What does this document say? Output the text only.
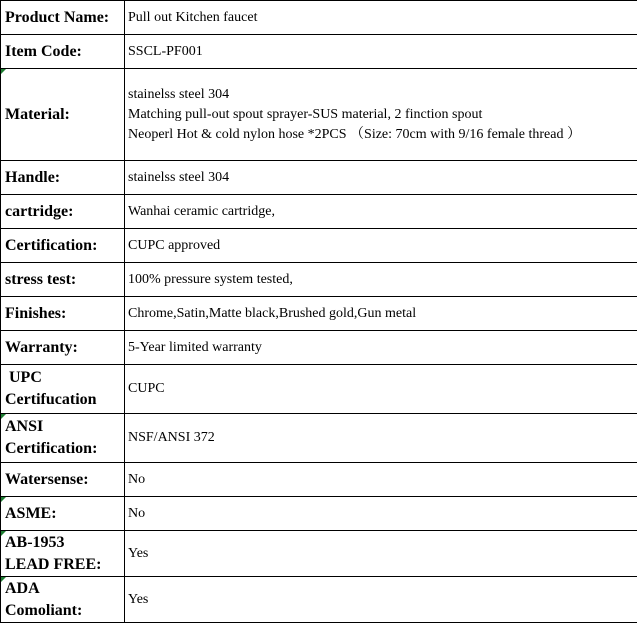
Product Name:	Pull out Kitchen faucet

Item Code:	SSCL-PF001

Material:	stainelss steel 304
Matching pull-out spout sprayer-SUS material, 2 finction spout
Neoperl Hot & cold nylon hose *2PCS （Size: 70cm with 9/16 female thread ）

Handle:	stainelss steel 304

cartridge:	Wanhai ceramic cartridge,

Certification:	CUPC approved

stress test:	100% pressure system tested,

Finishes:	Chrome,Satin,Matte black,Brushed gold,Gun metal

Warranty:	5-Year limited warranty

UPC
Certifucation	CUPC

ANSI
Certification:	NSF/ANSI 372

Watersense:	No

ASME:	No

AB-1953
LEAD FREE:	Yes

ADA
Comoliant:	Yes
